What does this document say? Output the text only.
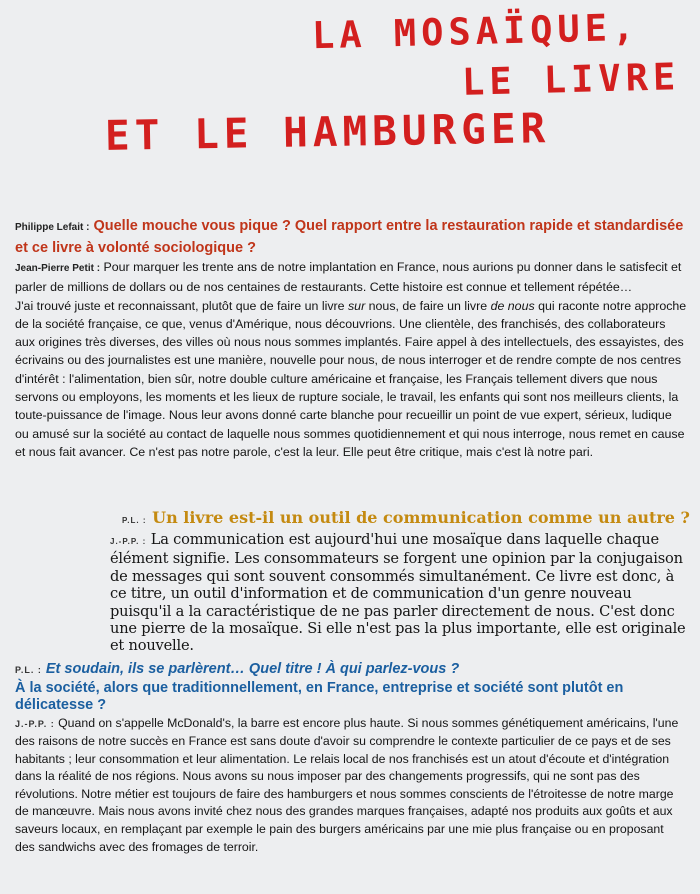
LA MOSAÏQUE,
LE LIVRE
ET LE HAMBURGER
Philippe Lefait : Quelle mouche vous pique ? Quel rapport entre la restauration rapide et standardisée et ce livre à volonté sociologique ?

Jean-Pierre Petit : Pour marquer les trente ans de notre implantation en France, nous aurions pu donner dans le satisfecit et parler de millions de dollars ou de nos centaines de restaurants. Cette histoire est connue et tellement répétée…

J'ai trouvé juste et reconnaissant, plutôt que de faire un livre sur nous, de faire un livre de nous qui raconte notre approche de la société française, ce que, venus d'Amérique, nous découvrions. Une clientèle, des franchisés, des collaborateurs aux origines très diverses, des villes où nous nous sommes implantés. Faire appel à des intellectuels, des essayistes, des écrivains ou des journalistes est une manière, nouvelle pour nous, de nous interroger et de rendre compte de nos centres d'intérêt : l'alimentation, bien sûr, notre double culture américaine et française, les Français tellement divers que nous servons ou employons, les moments et les lieux de rupture sociale, le travail, les enfants qui sont nos meilleurs clients, la toute-puissance de l'image. Nous leur avons donné carte blanche pour recueillir un point de vue expert, sérieux, ludique ou amusé sur la société au contact de laquelle nous sommes quotidiennement et qui nous interroge, nous remet en cause et nous fait avancer. Ce n'est pas notre parole, c'est la leur. Elle peut être critique, mais c'est là notre pari.

P.L. : Un livre est-il un outil de communication comme un autre ?

J.-P.P. : La communication est aujourd'hui une mosaïque dans laquelle chaque élément signifie. Les consommateurs se forgent une opinion par la conjugaison de messages qui sont souvent consommés simultanément. Ce livre est donc, à ce titre, un outil d'information et de communication d'un genre nouveau puisqu'il a la caractéristique de ne pas parler directement de nous. C'est donc une pierre de la mosaïque. Si elle n'est pas la plus importante, elle est originale et nouvelle.

P.L. : Et soudain, ils se parlèrent… Quel titre ! À qui parlez-vous ?
À la société, alors que traditionnellement, en France, entreprise et société sont plutôt en délicatesse ?

J.-P.P. : Quand on s'appelle McDonald's, la barre est encore plus haute. Si nous sommes génétiquement américains, l'une des raisons de notre succès en France est sans doute d'avoir su comprendre le contexte particulier de ce pays et de ses habitants ; leur consommation et leur alimentation. Le relais local de nos franchisés est un atout d'écoute et d'intégration dans la réalité de nos régions. Nous avons su nous imposer par des changements progressifs, qui ne sont pas des révolutions. Notre métier est toujours de faire des hamburgers et nous sommes conscients de l'étroitesse de notre marge de manœuvre. Mais nous avons invité chez nous des grandes marques françaises, adapté nos produits aux goûts et aux saveurs locaux, en remplaçant par exemple le pain des burgers américains par une mie plus française ou en proposant des sandwichs avec des fromages de terroir.
